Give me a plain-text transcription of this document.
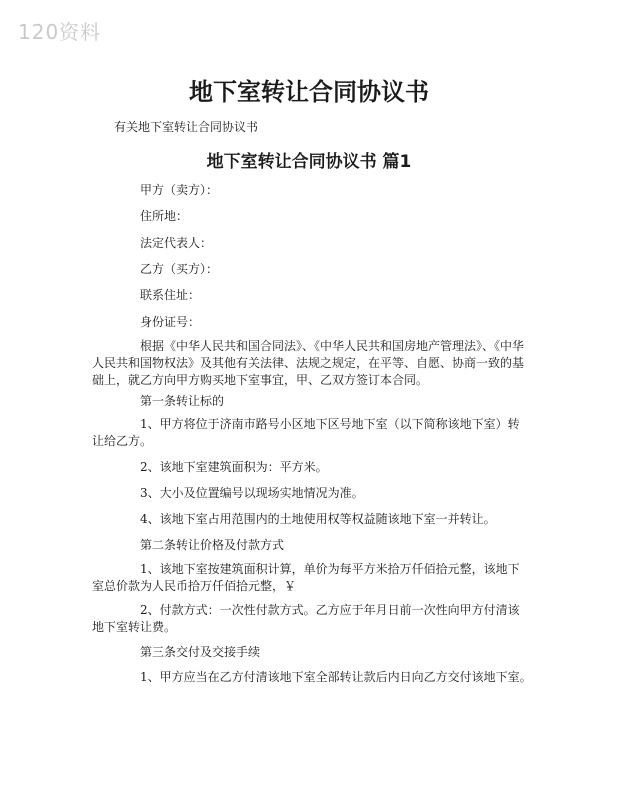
120资料
地下室转让合同协议书
有关地下室转让合同协议书
地下室转让合同协议书 篇1
甲方（卖方）：
住所地：
法定代表人：
乙方（买方）：
联系住址：
身份证号：
根据《中华人民共和国合同法》、《中华人民共和国房地产管理法》、《中华人民共和国物权法》及其他有关法律、法规之规定，在平等、自愿、协商一致的基础上，就乙方向甲方购买地下室事宜，甲、乙双方签订本合同。
第一条转让标的
1、甲方将位于济南市路号小区地下区号地下室（以下简称该地下室）转让给乙方。
2、该地下室建筑面积为：平方米。
3、大小及位置编号以现场实地情况为准。
4、该地下室占用范围内的土地使用权等权益随该地下室一并转让。
第二条转让价格及付款方式
1、该地下室按建筑面积计算，单价为每平方米拾万仟佰拾元整，该地下室总价款为人民币拾万仟佰拾元整，￥
2、付款方式：一次性付款方式。乙方应于年月日前一次性向甲方付清该地下室转让费。
第三条交付及交接手续
1、甲方应当在乙方付清该地下室全部转让款后内日向乙方交付该地下室。
